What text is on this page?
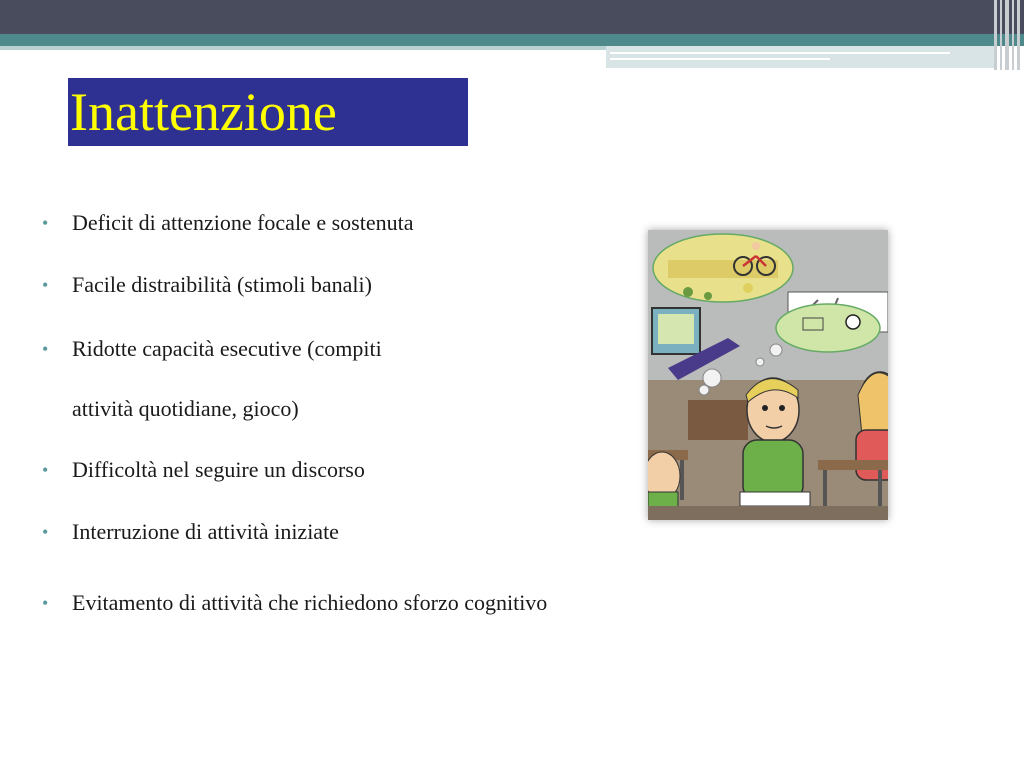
Inattenzione
• Deficit di attenzione focale e sostenuta
• Facile distraibilità (stimoli banali)
• Ridotte capacità esecutive (compiti
attività quotidiane, gioco)
• Difficoltà nel seguire un discorso
• Interruzione di attività iniziate
• Evitamento di attività che richiedono sforzo cognitivo
